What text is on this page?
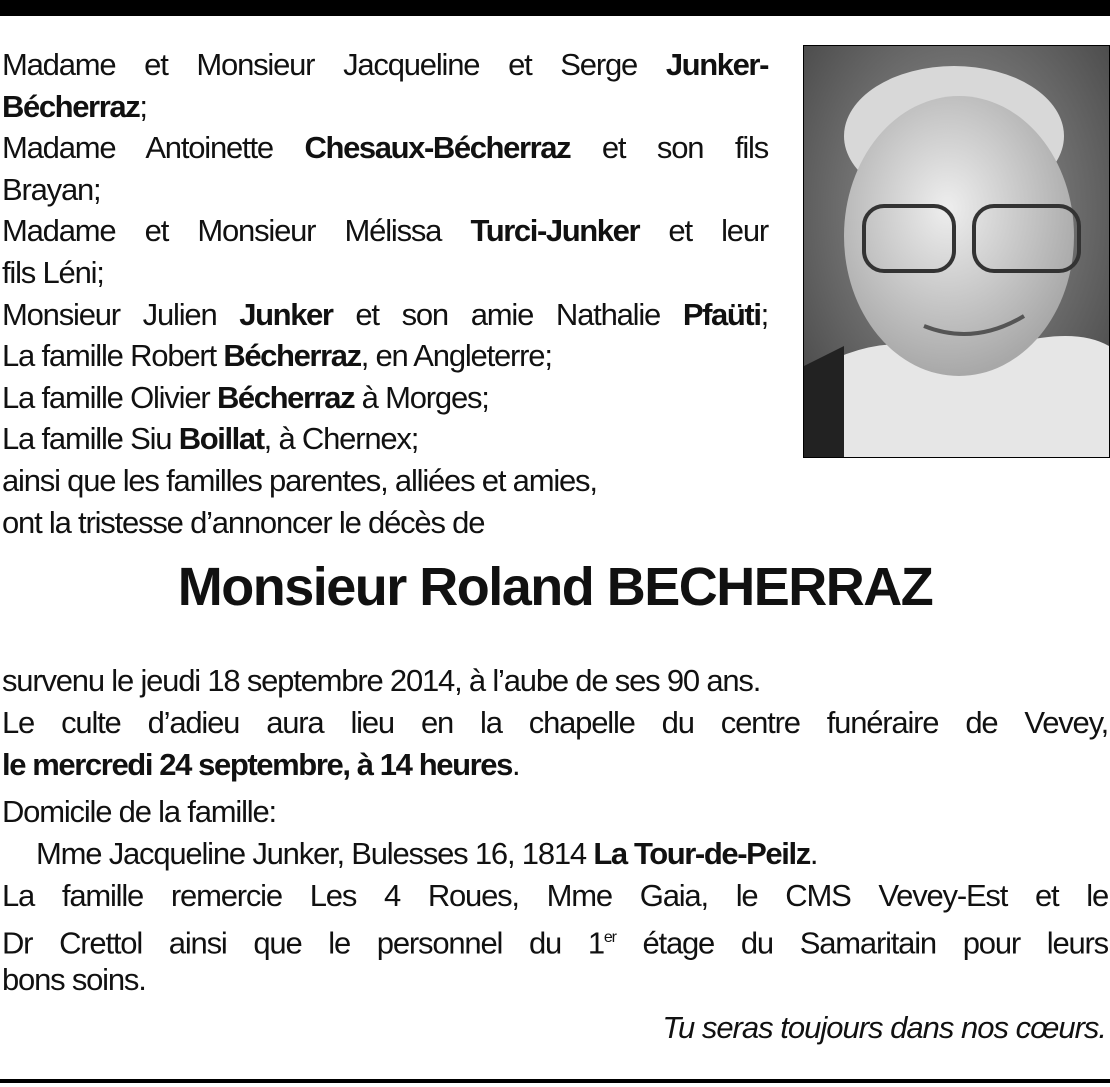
Madame et Monsieur Jacqueline et Serge Junker-
Bécherraz;
Madame Antoinette Chesaux-Bécherraz et son fils
Brayan;
Madame et Monsieur Mélissa Turci-Junker et leur
fils Léni;
Monsieur Julien Junker et son amie Nathalie Pfaüti;
La famille Robert Bécherraz, en Angleterre;
La famille Olivier Bécherraz à Morges;
La famille Siu Boillat, à Chernex;
ainsi que les familles parentes, alliées et amies,
ont la tristesse d’annoncer le décès de
Monsieur Roland BECHERRAZ
survenu le jeudi 18 septembre 2014, à l’aube de ses 90 ans.
Le culte d’adieu aura lieu en la chapelle du centre funéraire de Vevey,
le mercredi 24 septembre, à 14 heures.
Domicile de la famille:
Mme Jacqueline Junker, Bulesses 16, 1814 La Tour-de-Peilz.
La famille remercie Les 4 Roues, Mme Gaia, le CMS Vevey-Est et le
Dr Crettol ainsi que le personnel du 1er étage du Samaritain pour leurs
bons soins.
Tu seras toujours dans nos cœurs.
